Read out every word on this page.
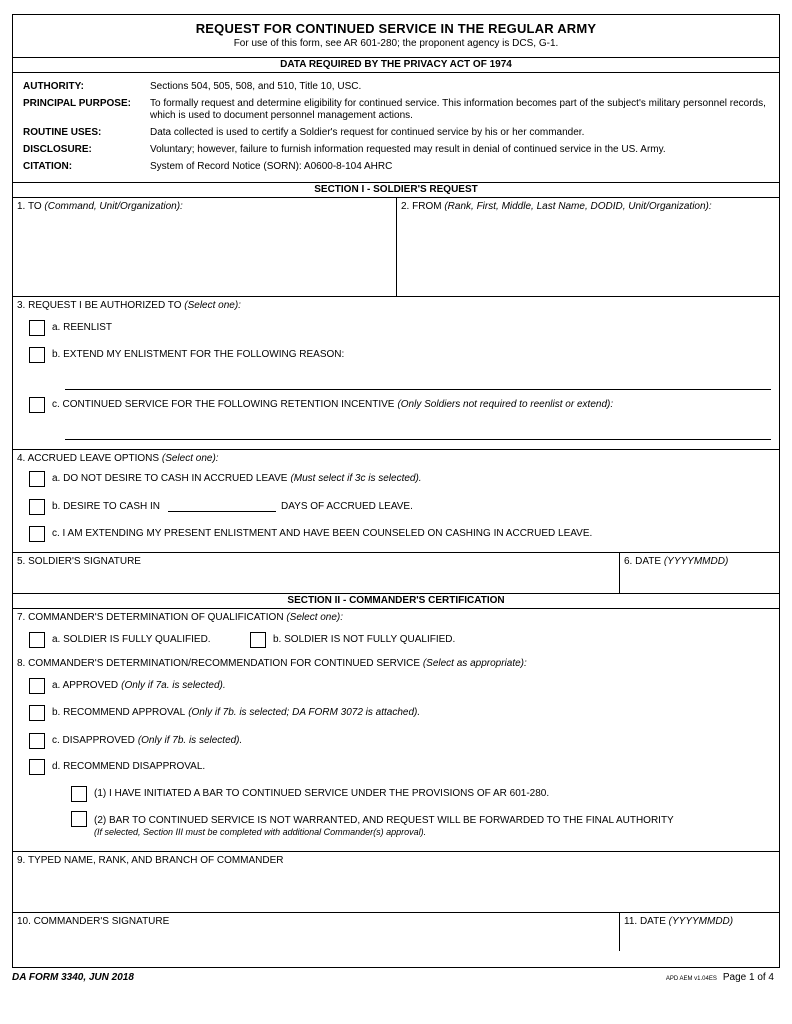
REQUEST FOR CONTINUED SERVICE IN THE REGULAR ARMY
For use of this form, see AR 601-280; the proponent agency is DCS, G-1.
DATA REQUIRED BY THE PRIVACY ACT OF 1974
AUTHORITY:	Sections 504, 505, 508, and 510, Title 10, USC.
PRINCIPAL PURPOSE:	To formally request and determine eligibility for continued service. This information becomes part of the subject's military personnel records, which is used to document personnel management actions.
ROUTINE USES:	Data collected is used to certify a Soldier's request for continued service by his or her commander.
DISCLOSURE:	Voluntary; however, failure to furnish information requested may result in denial of continued service in the US. Army.
CITATION:	System of Record Notice (SORN): A0600-8-104 AHRC
SECTION I - SOLDIER'S REQUEST
1. TO (Command, Unit/Organization):	2. FROM (Rank, First, Middle, Last Name, DODID, Unit/Organization):
3. REQUEST I BE AUTHORIZED TO (Select one):
a. REENLIST
b. EXTEND MY ENLISTMENT FOR THE FOLLOWING REASON:
c. CONTINUED SERVICE FOR THE FOLLOWING RETENTION INCENTIVE (Only Soldiers not required to reenlist or extend):
4. ACCRUED LEAVE OPTIONS (Select one):
a. DO NOT DESIRE TO CASH IN ACCRUED LEAVE (Must select if 3c is selected).
b. DESIRE TO CASH IN	DAYS OF ACCRUED LEAVE.
c. I AM EXTENDING MY PRESENT ENLISTMENT AND HAVE BEEN COUNSELED ON CASHING IN ACCRUED LEAVE.
5. SOLDIER'S SIGNATURE	6. DATE (YYYYMMDD)
SECTION II - COMMANDER'S CERTIFICATION
7. COMMANDER'S DETERMINATION OF QUALIFICATION (Select one):
a. SOLDIER IS FULLY QUALIFIED.	b. SOLDIER IS NOT FULLY QUALIFIED.
8. COMMANDER'S DETERMINATION/RECOMMENDATION FOR CONTINUED SERVICE (Select as appropriate):
a. APPROVED (Only if 7a. is selected).
b. RECOMMEND APPROVAL (Only if 7b. is selected; DA FORM 3072 is attached).
c. DISAPPROVED (Only if 7b. is selected).
d. RECOMMEND DISAPPROVAL.
(1) I HAVE INITIATED A BAR TO CONTINUED SERVICE UNDER THE PROVISIONS OF AR 601-280.
(2) BAR TO CONTINUED SERVICE IS NOT WARRANTED, AND REQUEST WILL BE FORWARDED TO THE FINAL AUTHORITY
(If selected, Section III must be completed with additional Commander(s) approval).
9. TYPED NAME, RANK, AND BRANCH OF COMMANDER
10. COMMANDER'S SIGNATURE	11. DATE (YYYYMMDD)
DA FORM 3340, JUN 2018	APD AEM v1.04ES Page 1 of 4
